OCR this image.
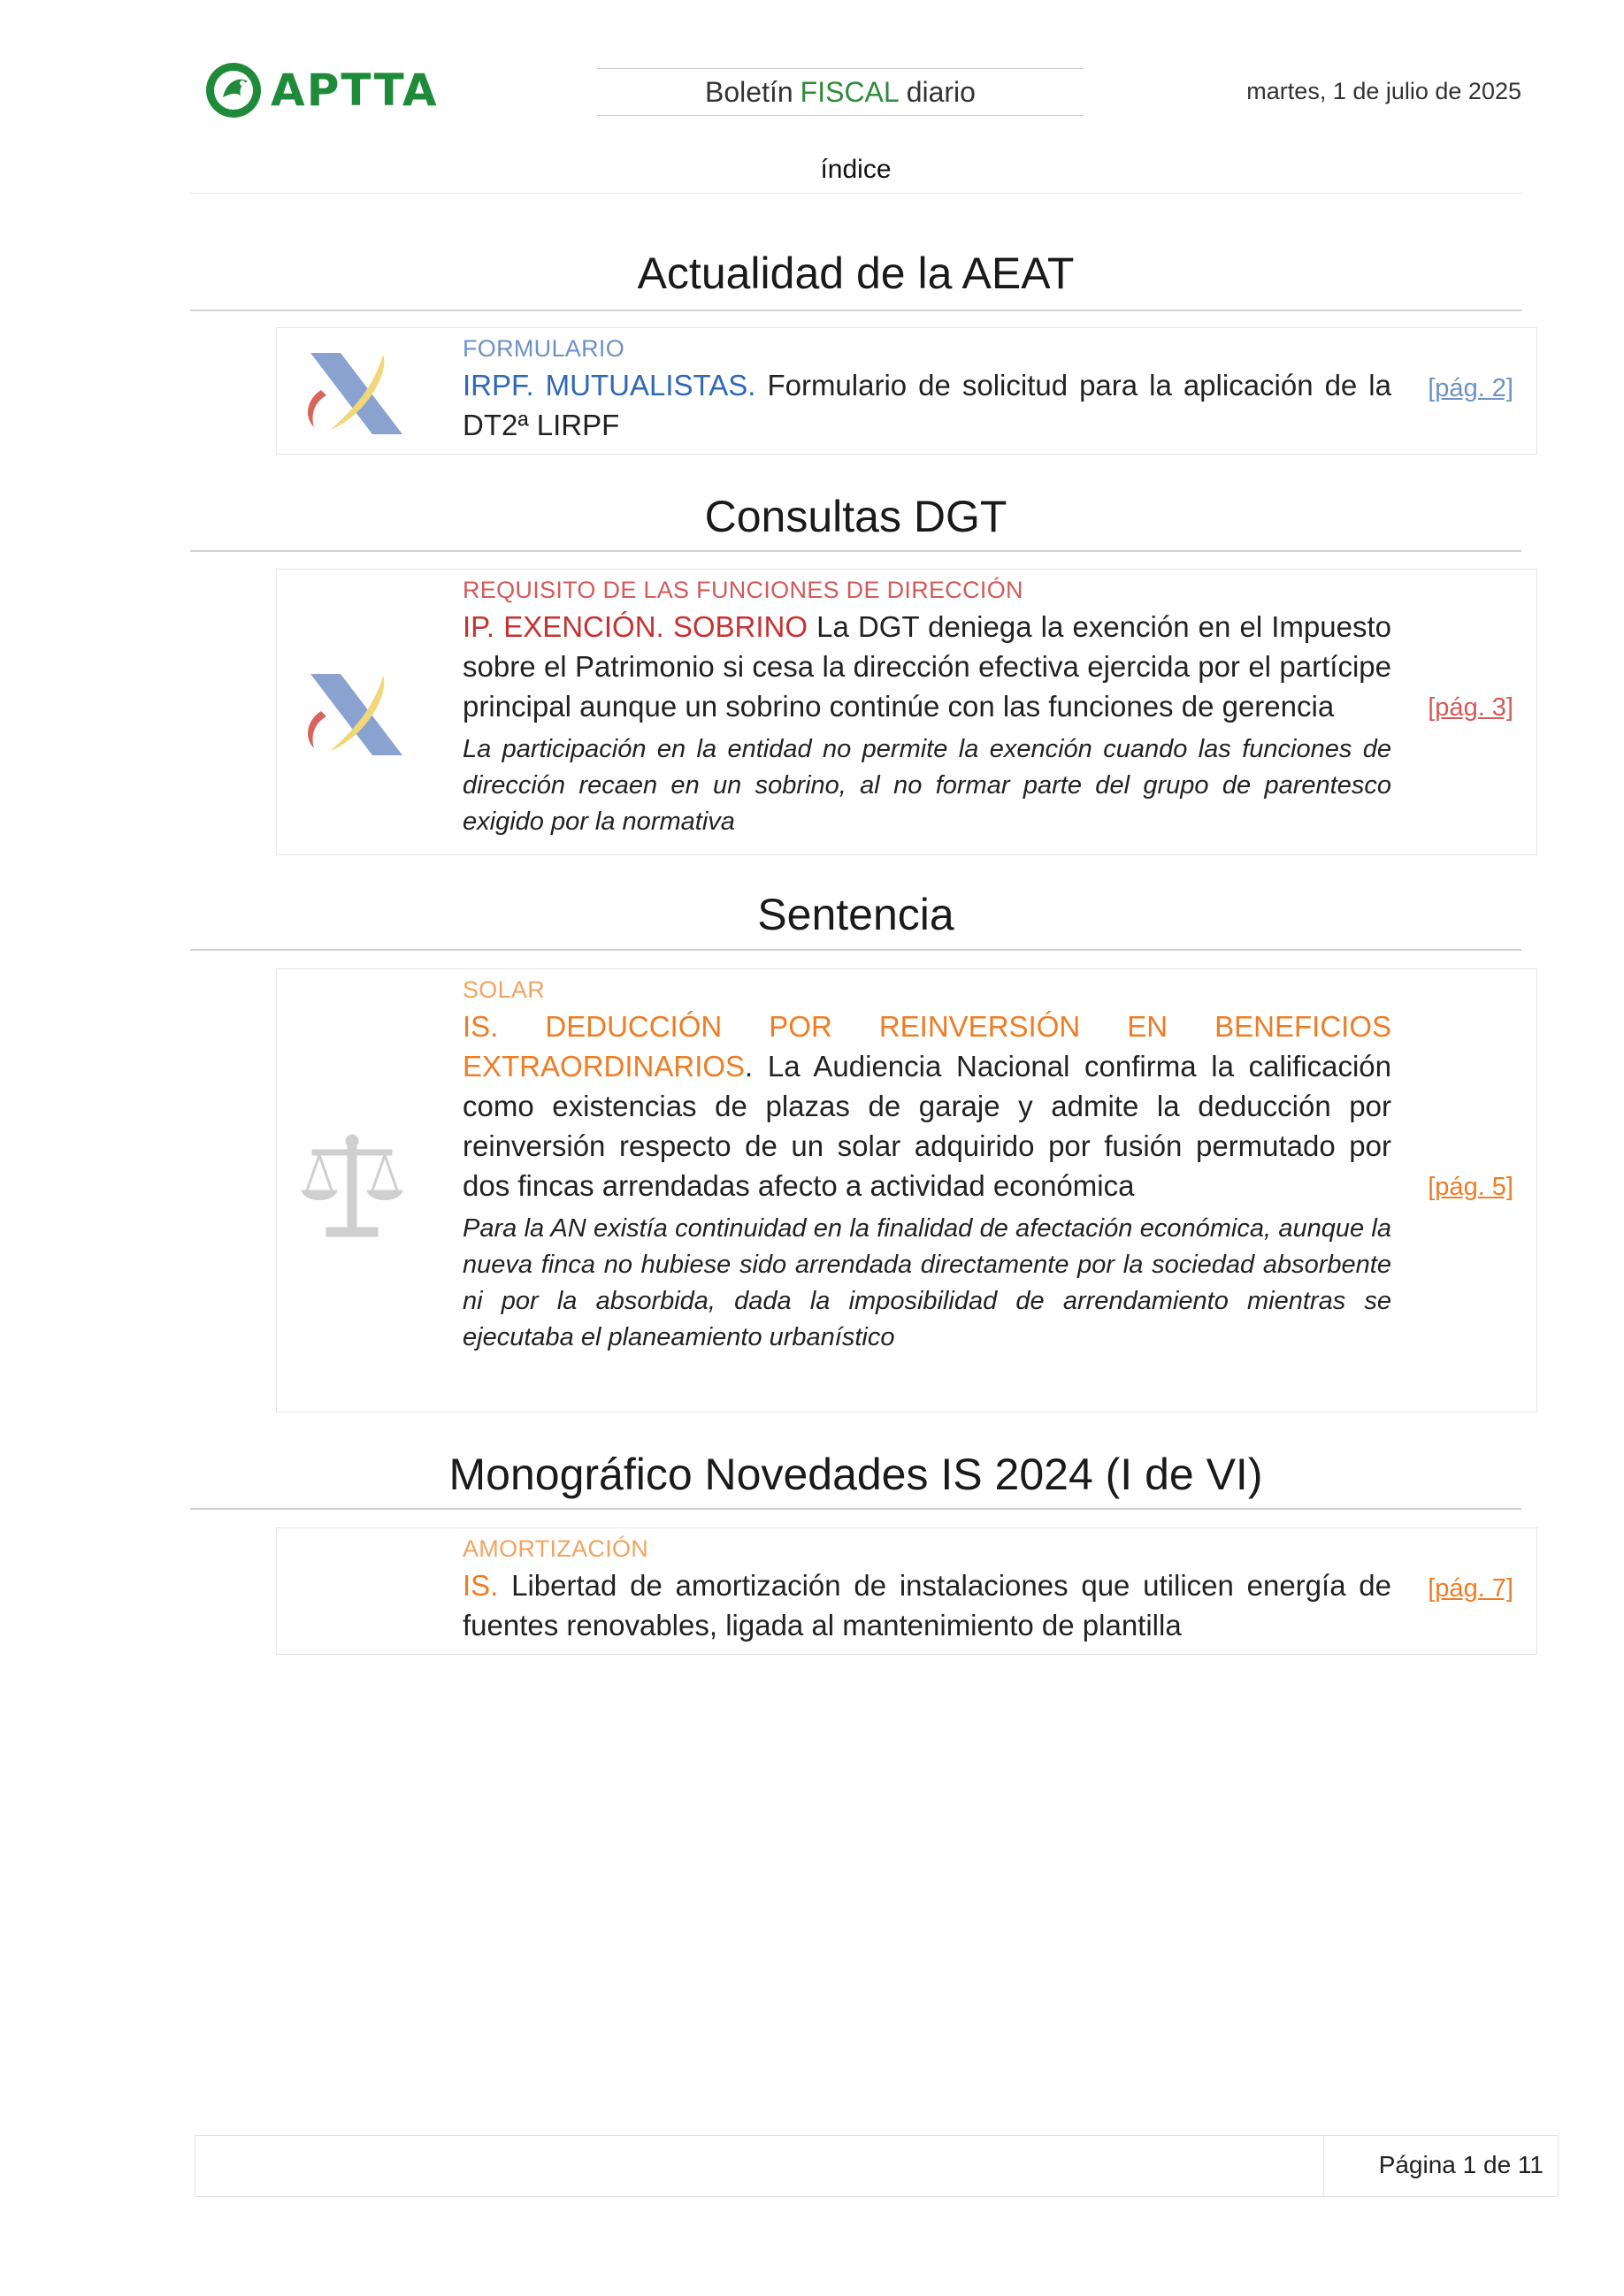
APTTA	Boletín FISCAL diario	martes, 1 de julio de 2025
índice
Actualidad de la AEAT
FORMULARIO
IRPF. MUTUALISTAS. Formulario de solicitud para la aplicación de la DT2ª LIRPF
[pág. 2]
Consultas DGT
REQUISITO DE LAS FUNCIONES DE DIRECCIÓN
IP. EXENCIÓN. SOBRINO La DGT deniega la exención en el Impuesto sobre el Patrimonio si cesa la dirección efectiva ejercida por el partícipe principal aunque un sobrino continúe con las funciones de gerencia
La participación en la entidad no permite la exención cuando las funciones de dirección recaen en un sobrino, al no formar parte del grupo de parentesco exigido por la normativa
[pág. 3]
Sentencia
SOLAR
IS. DEDUCCIÓN POR REINVERSIÓN EN BENEFICIOS EXTRAORDINARIOS. La Audiencia Nacional confirma la calificación como existencias de plazas de garaje y admite la deducción por reinversión respecto de un solar adquirido por fusión permutado por dos fincas arrendadas afecto a actividad económica
Para la AN existía continuidad en la finalidad de afectación económica, aunque la nueva finca no hubiese sido arrendada directamente por la sociedad absorbente ni por la absorbida, dada la imposibilidad de arrendamiento mientras se ejecutaba el planeamiento urbanístico
[pág. 5]
Monográfico Novedades IS 2024 (I de VI)
AMORTIZACIÓN
IS. Libertad de amortización de instalaciones que utilicen energía de fuentes renovables, ligada al mantenimiento de plantilla
[pág. 7]
Página 1 de 11
